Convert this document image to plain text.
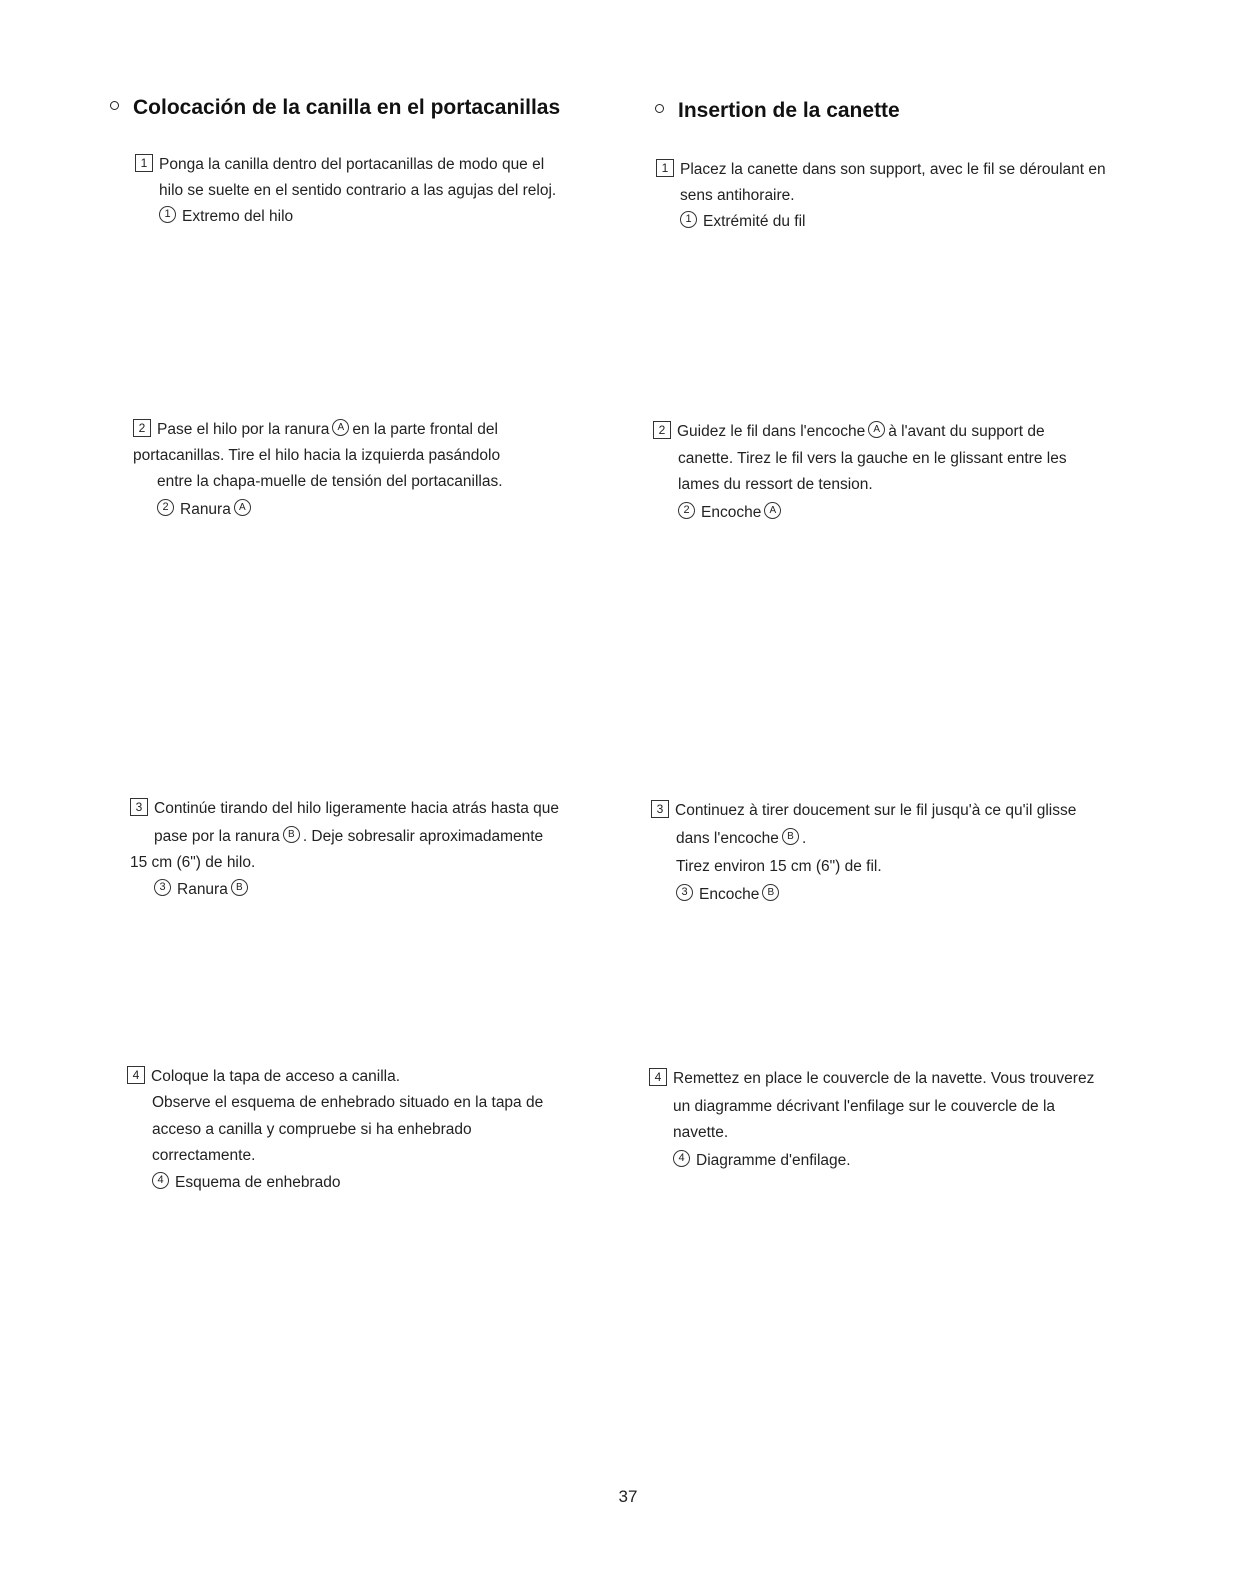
Colocación de la canilla en el portacanillas
1 Ponga la canilla dentro del portacanillas de modo que el
hilo se suelte en el sentido contrario a las agujas del reloj.
1 Extremo del hilo
2 Pase el hilo por la ranura A en la parte frontal del
portacanillas. Tire el hilo hacia la izquierda pasándolo
entre la chapa-muelle de tensión del portacanillas.
2 Ranura A
3 Continúe tirando del hilo ligeramente hacia atrás hasta que
pase por la ranura B . Deje sobresalir aproximadamente
15 cm (6") de hilo.
3 Ranura B
4 Coloque la tapa de acceso a canilla.
Observe el esquema de enhebrado situado en la tapa de
acceso a canilla y compruebe si ha enhebrado
correctamente.
4 Esquema de enhebrado
Insertion de la canette
1 Placez la canette dans son support, avec le fil se déroulant en
sens antihoraire.
1 Extrémité du fil
2 Guidez le fil dans l'encoche A à l'avant du support de
canette. Tirez le fil vers la gauche en le glissant entre les
lames du ressort de tension.
2 Encoche A
3 Continuez à tirer doucement sur le fil jusqu'à ce qu'il glisse
dans l'encoche B .
Tirez environ 15 cm (6") de fil.
3 Encoche B
4 Remettez en place le couvercle de la navette. Vous trouverez
un diagramme décrivant l'enfilage sur le couvercle de la
navette.
4 Diagramme d'enfilage.
37
